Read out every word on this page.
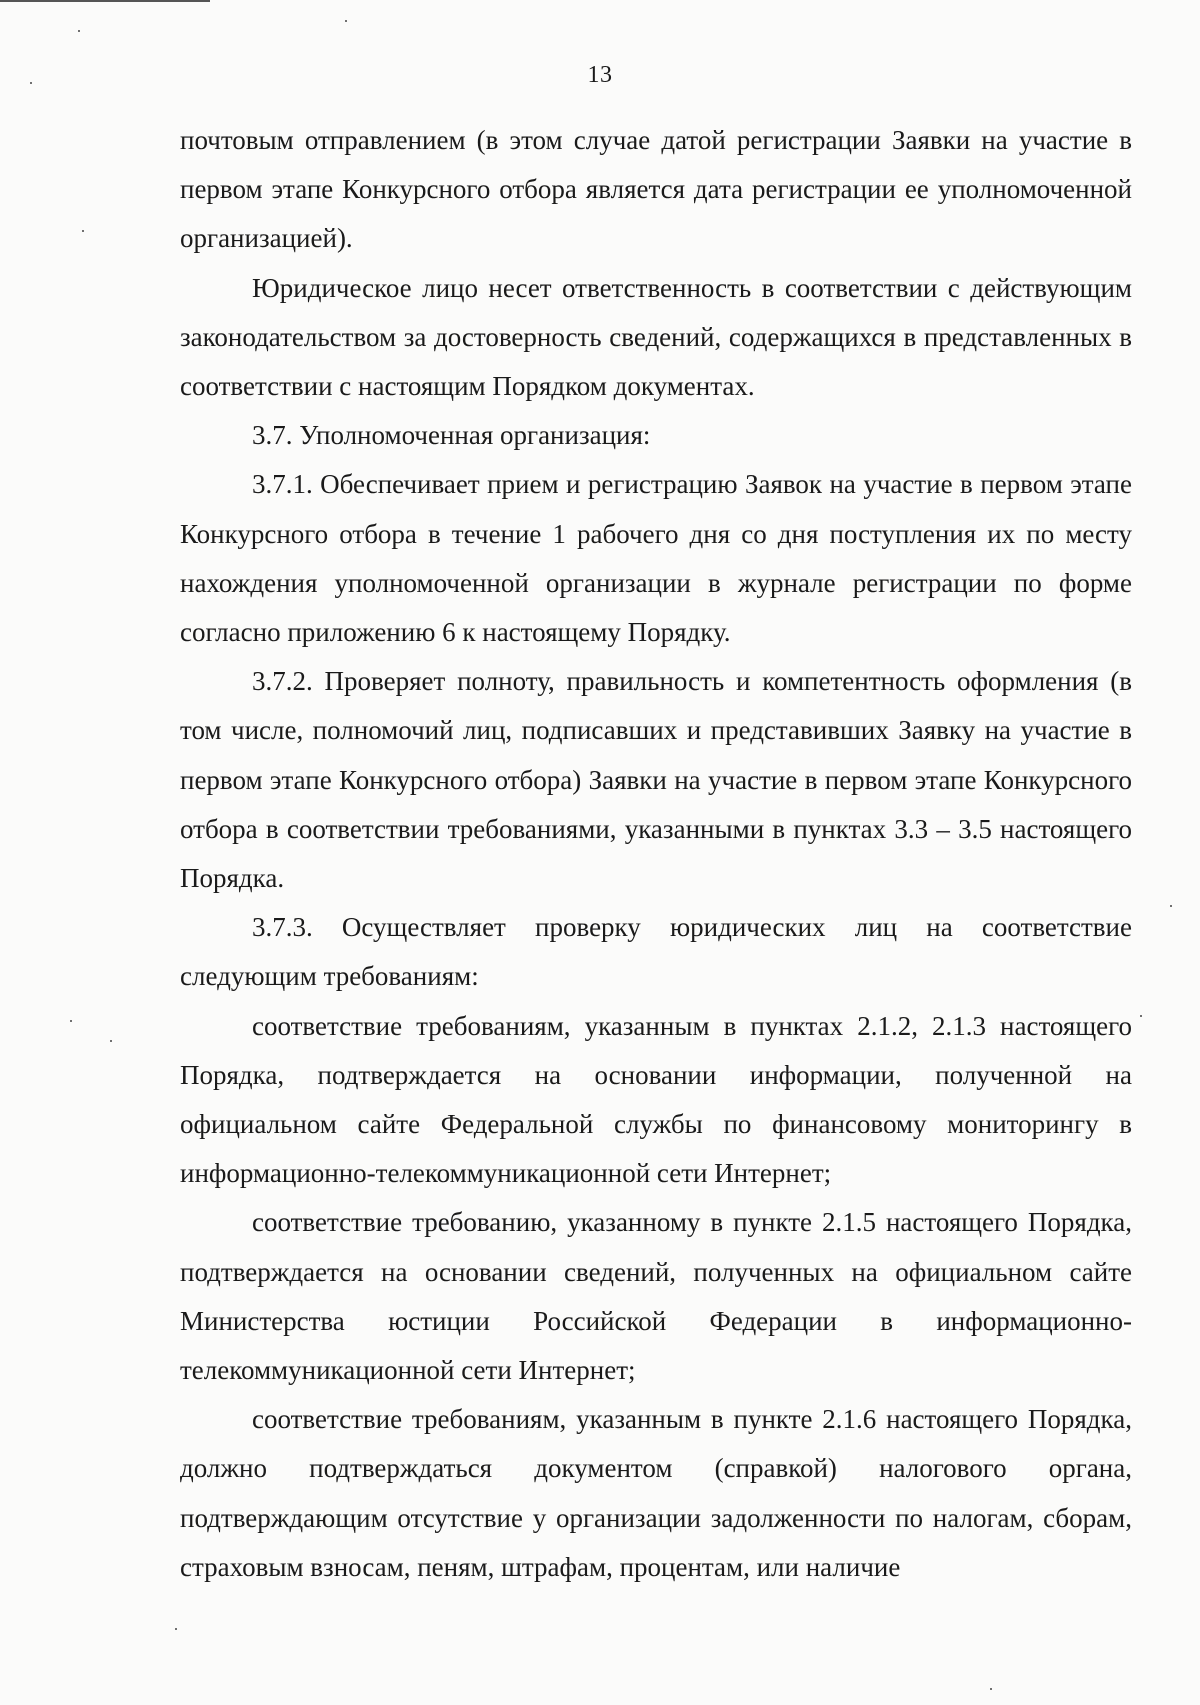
13

почтовым отправлением (в этом случае датой регистрации Заявки на участие в первом этапе Конкурсного отбора является дата регистрации ее уполномоченной организацией).

Юридическое лицо несет ответственность в соответствии с действующим законодательством за достоверность сведений, содержащихся в представленных в соответствии с настоящим Порядком документах.

3.7. Уполномоченная организация:

3.7.1. Обеспечивает прием и регистрацию Заявок на участие в первом этапе Конкурсного отбора в течение 1 рабочего дня со дня поступления их по месту нахождения уполномоченной организации в журнале регистрации по форме согласно приложению 6 к настоящему Порядку.

3.7.2. Проверяет полноту, правильность и компетентность оформления (в том числе, полномочий лиц, подписавших и представивших Заявку на участие в первом этапе Конкурсного отбора) Заявки на участие в первом этапе Конкурсного отбора в соответствии требованиями, указанными в пунктах 3.3 – 3.5 настоящего Порядка.

3.7.3. Осуществляет проверку юридических лиц на соответствие следующим требованиям:

соответствие требованиям, указанным в пунктах 2.1.2, 2.1.3 настоящего Порядка, подтверждается на основании информации, полученной на официальном сайте Федеральной службы по финансовому мониторингу в информационно-телекоммуникационной сети Интернет;

соответствие требованию, указанному в пункте 2.1.5 настоящего Порядка, подтверждается на основании сведений, полученных на официальном сайте Министерства юстиции Российской Федерации в информационно-телекоммуникационной сети Интернет;

соответствие требованиям, указанным в пункте 2.1.6 настоящего Порядка, должно подтверждаться документом (справкой) налогового органа, подтверждающим отсутствие у организации задолженности по налогам, сборам, страховым взносам, пеням, штрафам, процентам, или наличие
